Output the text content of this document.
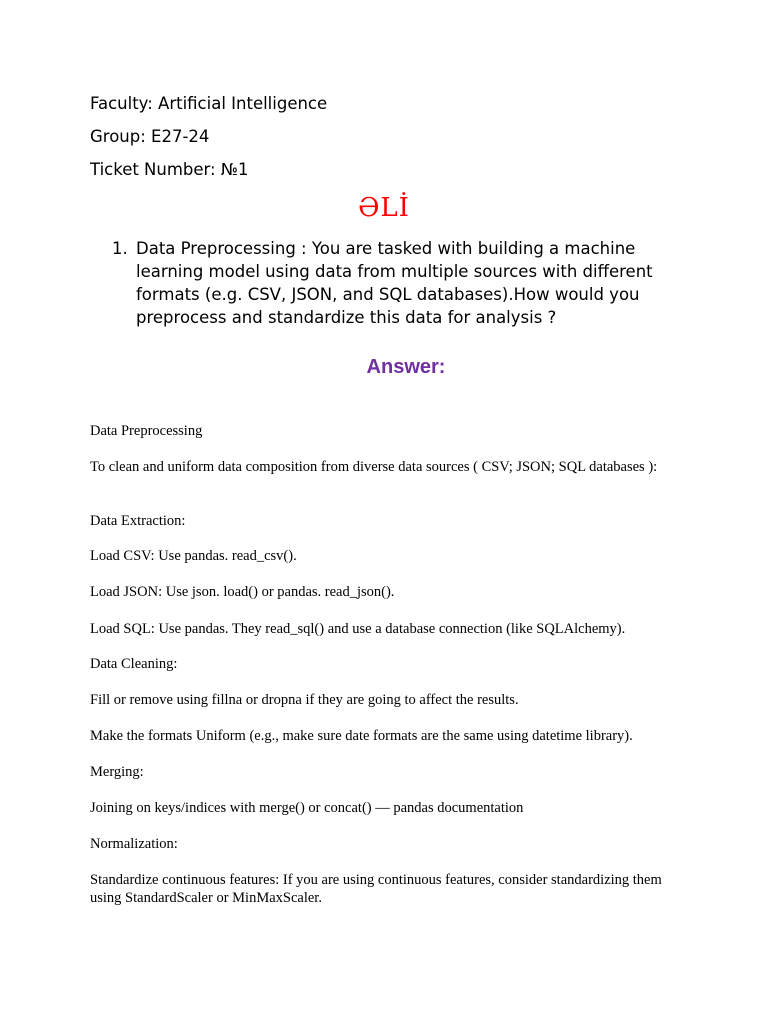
Faculty: Artificial Intelligence
Group: E27-24
Ticket Number: №1
ƏLİ
1. Data Preprocessing : You are tasked with building a machine learning model using data from multiple sources with different formats (e.g. CSV, JSON, and SQL databases).How would you preprocess and standardize this data for analysis ?
Answer:

Data Preprocessing

To clean and uniform data composition from diverse data sources ( CSV; JSON; SQL databases ):

Data Extraction:

Load CSV: Use pandas. read_csv().

Load JSON: Use json. load() or pandas. read_json().

Load SQL: Use pandas. They read_sql() and use a database connection (like SQLAlchemy).

Data Cleaning:

Fill or remove using fillna or dropna if they are going to affect the results.

Make the formats Uniform (e.g., make sure date formats are the same using datetime library).

Merging:

Joining on keys/indices with merge() or concat() — pandas documentation

Normalization:

Standardize continuous features: If you are using continuous features, consider standardizing them using StandardScaler or MinMaxScaler.
